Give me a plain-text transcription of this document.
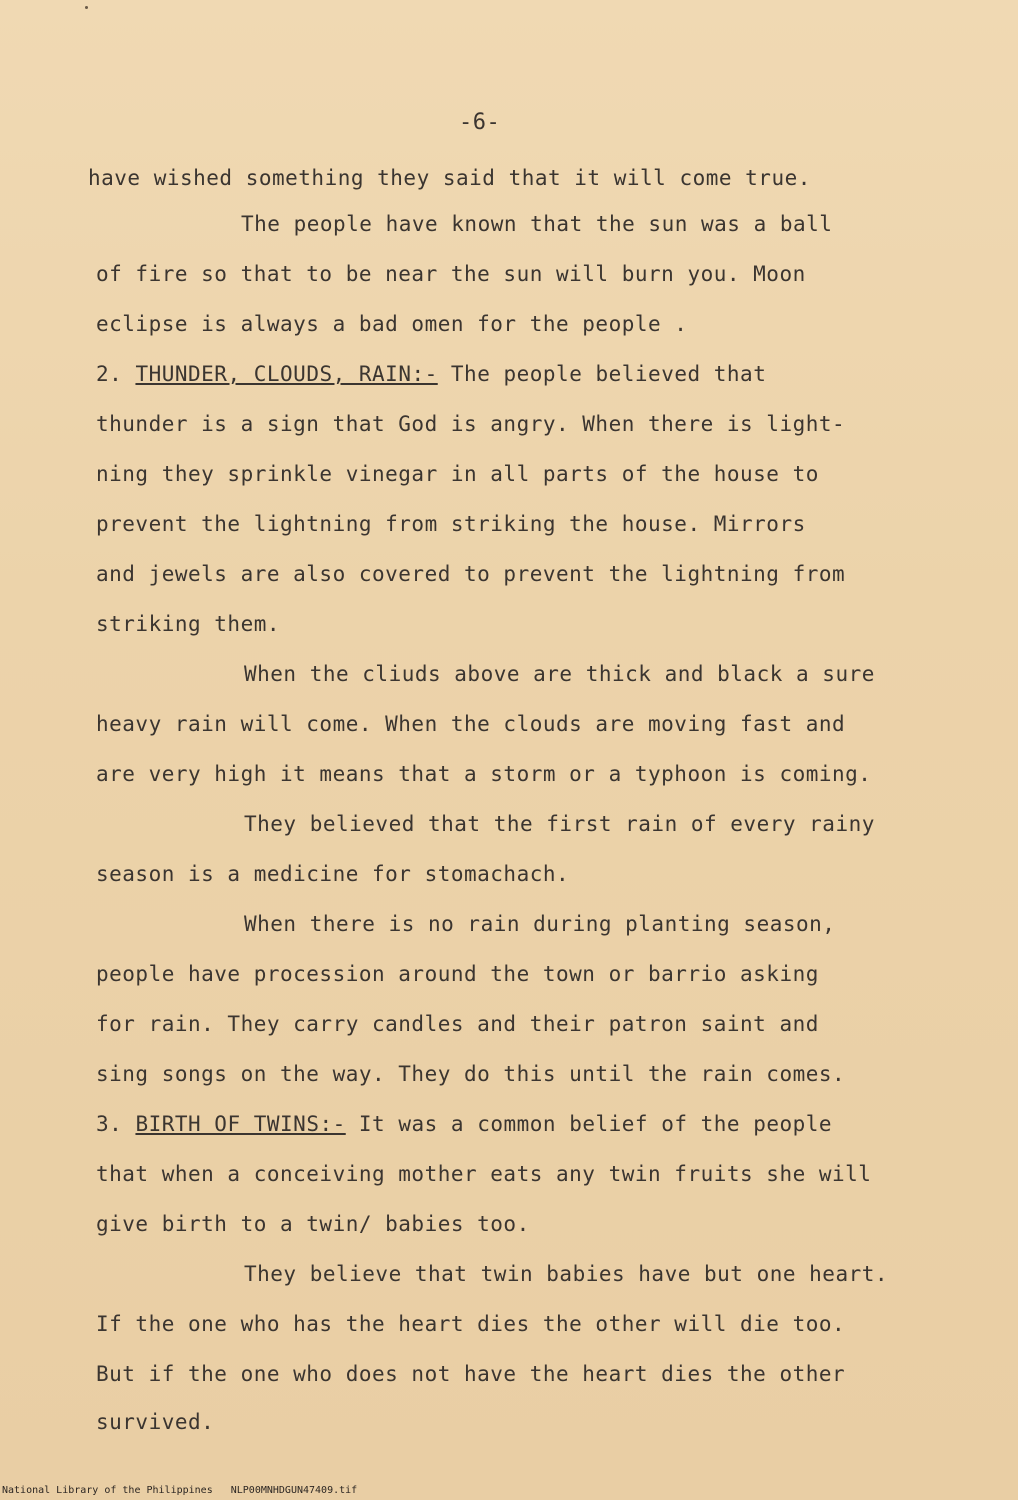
-6-
have wished something they said that it will come true.
The people have known that the sun was a ball
of fire so that to be near the sun will burn you. Moon
eclipse is always a bad omen for the people .
2. THUNDER, CLOUDS, RAIN:- The people believed that
thunder is a sign that God is angry. When there is light-
ning they sprinkle vinegar in all parts of the house to
prevent the lightning from striking the house. Mirrors
and jewels are also covered to prevent the lightning from
striking them.
When the cliuds above are thick and black a sure
heavy rain will come. When the clouds are moving fast and
are very high it means that a storm or a typhoon is coming.
They believed that the first rain of every rainy
season is a medicine for stomachach.
When there is no rain during planting season,
people have procession around the town or barrio asking
for rain. They carry candles and their patron saint and
sing songs on the way. They do this until the rain comes.
3. BIRTH OF TWINS:- It was a common belief of the people
that when a conceiving mother eats any twin fruits she will
give birth to a twin/ babies too.
They believe that twin babies have but one heart.
If the one who has the heart dies the other will die too.
But if the one who does not have the heart dies the other
survived.
National Library of the Philippines NLP00MNHDGUN47409.tif
